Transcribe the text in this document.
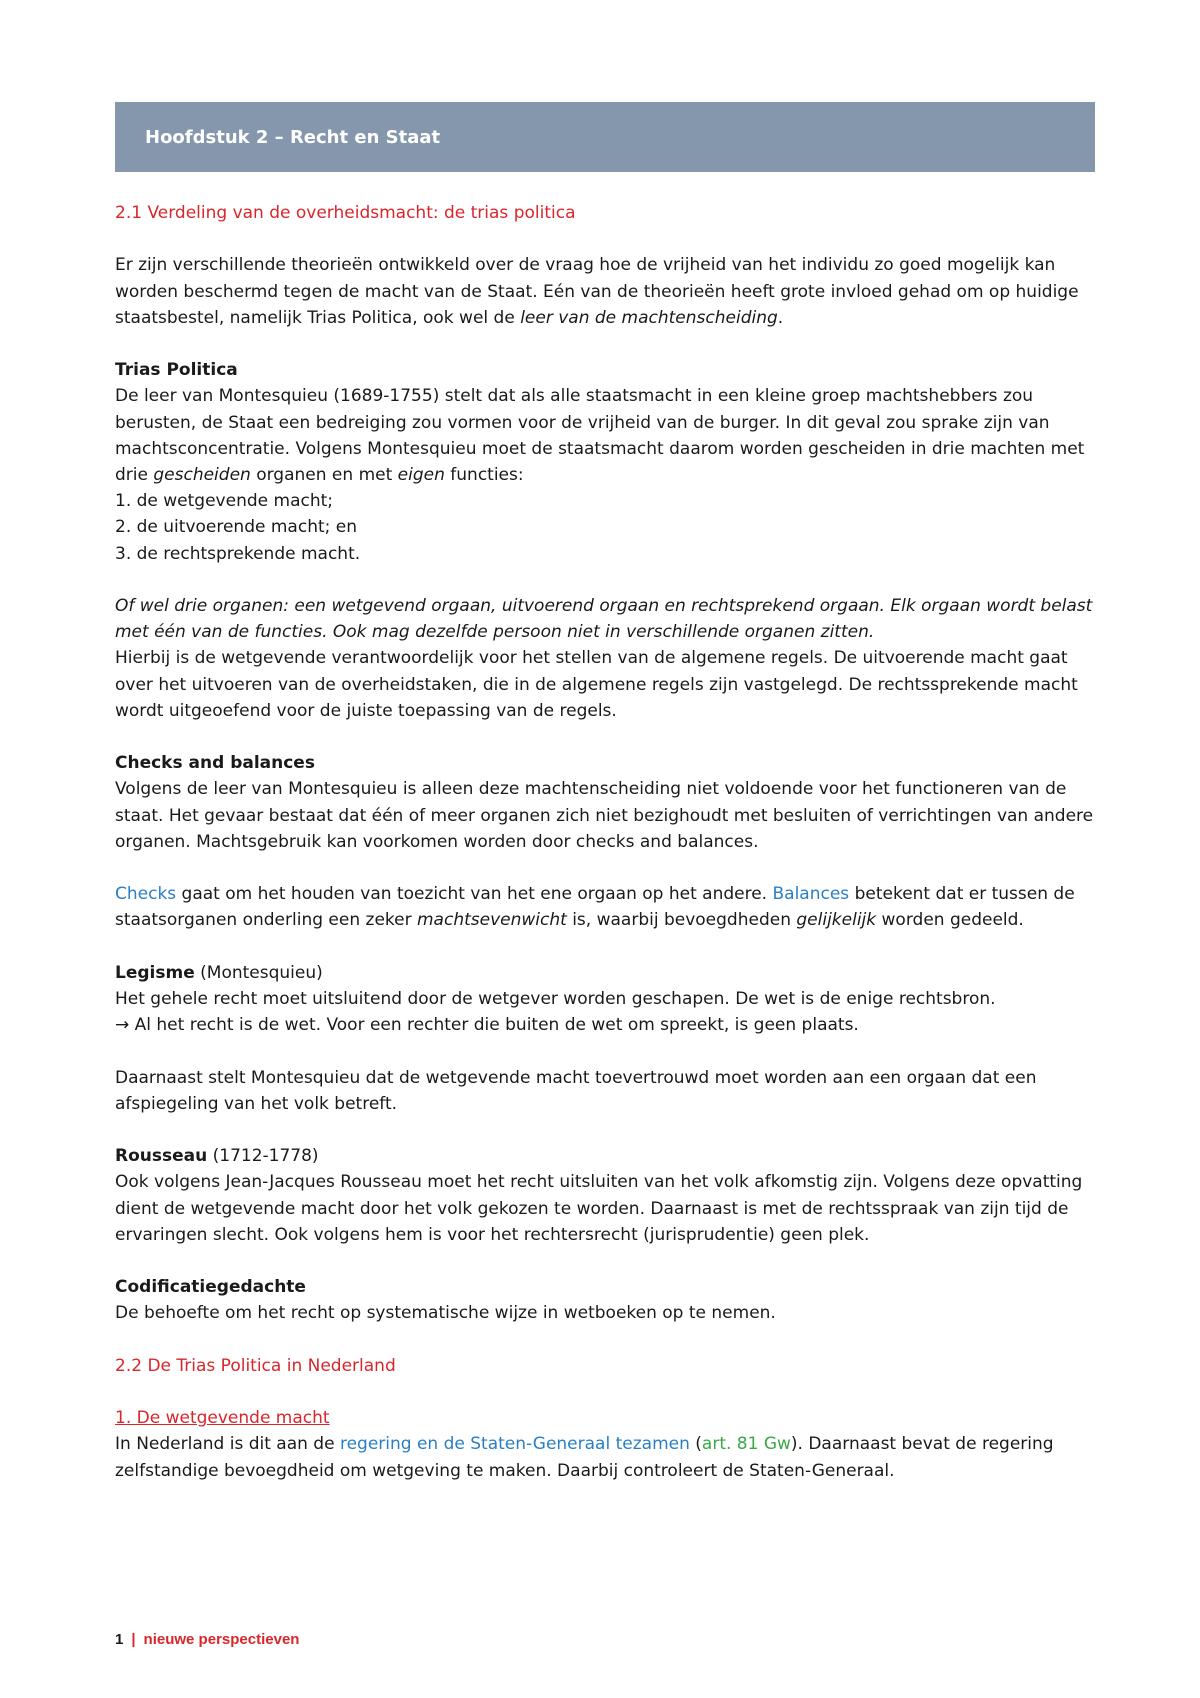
Hoofdstuk 2 – Recht en Staat

2.1 Verdeling van de overheidsmacht: de trias politica

Er zijn verschillende theorieën ontwikkeld over de vraag hoe de vrijheid van het individu zo goed mogelijk kan worden beschermd tegen de macht van de Staat. Eén van de theorieën heeft grote invloed gehad om op huidige staatsbestel, namelijk Trias Politica, ook wel de leer van de machtenscheiding.

Trias Politica
De leer van Montesquieu (1689-1755) stelt dat als alle staatsmacht in een kleine groep machtshebbers zou berusten, de Staat een bedreiging zou vormen voor de vrijheid van de burger. In dit geval zou sprake zijn van machtsconcentratie. Volgens Montesquieu moet de staatsmacht daarom worden gescheiden in drie machten met drie gescheiden organen en met eigen functies:
1. de wetgevende macht;
2. de uitvoerende macht; en
3. de rechtsprekende macht.

Of wel drie organen: een wetgevend orgaan, uitvoerend orgaan en rechtsprekend orgaan. Elk orgaan wordt belast met één van de functies. Ook mag dezelfde persoon niet in verschillende organen zitten.
Hierbij is de wetgevende verantwoordelijk voor het stellen van de algemene regels. De uitvoerende macht gaat over het uitvoeren van de overheidstaken, die in de algemene regels zijn vastgelegd. De rechtssprekende macht wordt uitgeoefend voor de juiste toepassing van de regels.

Checks and balances
Volgens de leer van Montesquieu is alleen deze machtenscheiding niet voldoende voor het functioneren van de staat. Het gevaar bestaat dat één of meer organen zich niet bezighoudt met besluiten of verrichtingen van andere organen. Machtsgebruik kan voorkomen worden door checks and balances.

Checks gaat om het houden van toezicht van het ene orgaan op het andere. Balances betekent dat er tussen de staatsorganen onderling een zeker machtsevenwicht is, waarbij bevoegdheden gelijkelijk worden gedeeld.

Legisme (Montesquieu)
Het gehele recht moet uitsluitend door de wetgever worden geschapen. De wet is de enige rechtsbron.
→ Al het recht is de wet. Voor een rechter die buiten de wet om spreekt, is geen plaats.

Daarnaast stelt Montesquieu dat de wetgevende macht toevertrouwd moet worden aan een orgaan dat een afspiegeling van het volk betreft.

Rousseau (1712-1778)
Ook volgens Jean-Jacques Rousseau moet het recht uitsluiten van het volk afkomstig zijn. Volgens deze opvatting dient de wetgevende macht door het volk gekozen te worden. Daarnaast is met de rechtsspraak van zijn tijd de ervaringen slecht. Ook volgens hem is voor het rechtersrecht (jurisprudentie) geen plek.

Codificatiegedachte
De behoefte om het recht op systematische wijze in wetboeken op te nemen.

2.2 De Trias Politica in Nederland

1. De wetgevende macht
In Nederland is dit aan de regering en de Staten-Generaal tezamen (art. 81 Gw). Daarnaast bevat de regering zelfstandige bevoegdheid om wetgeving te maken. Daarbij controleert de Staten-Generaal.

1 | nieuwe perspectieven
